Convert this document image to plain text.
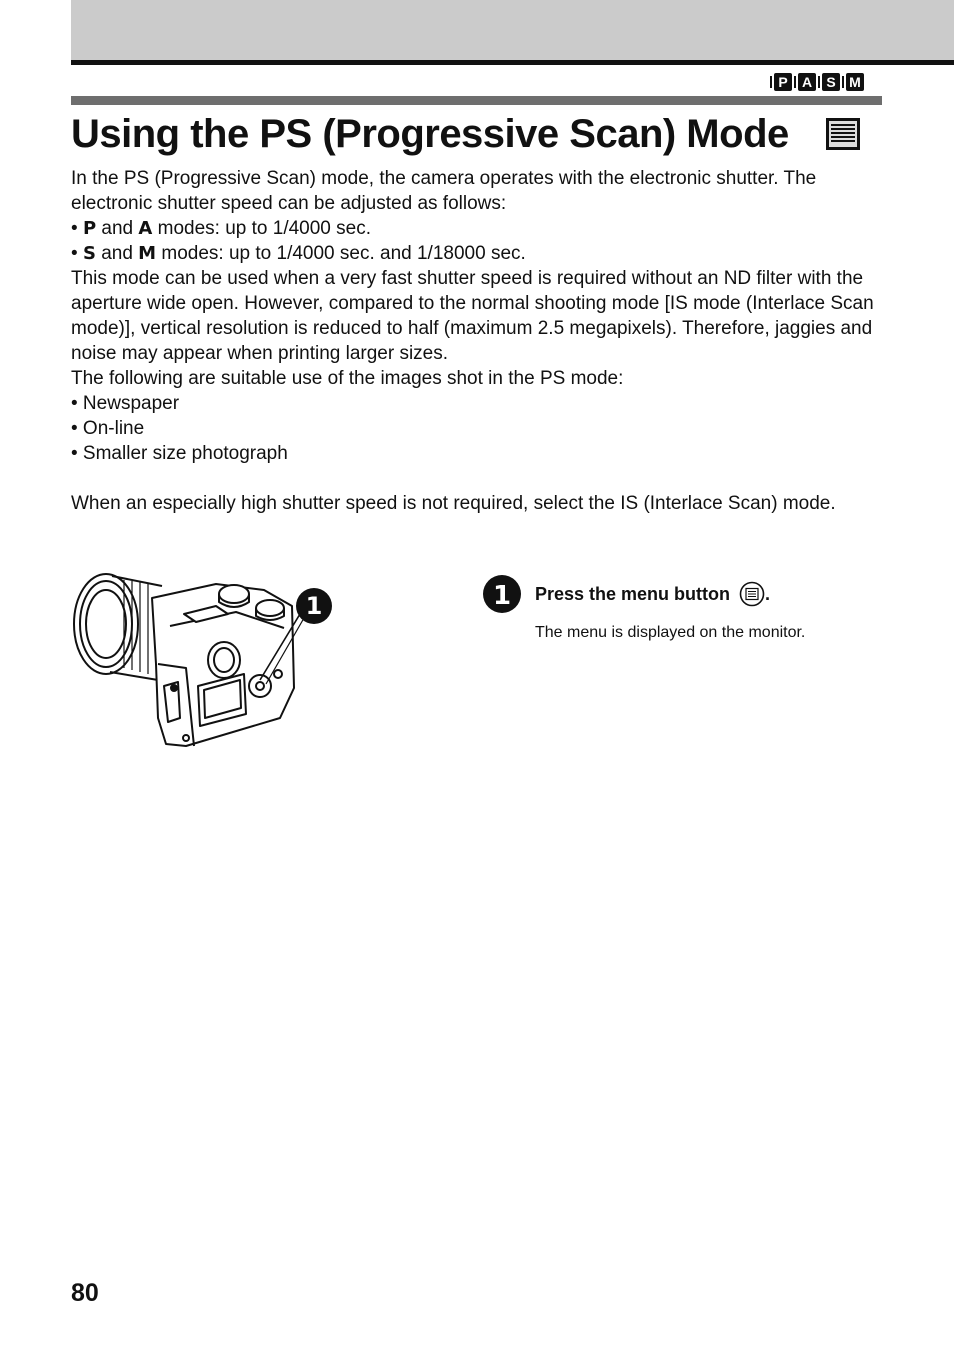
P	A	S M
Using the PS (Progressive Scan) Mode

In the PS (Progressive Scan) mode, the camera operates with the electronic shutter. The electronic shutter speed can be adjusted as follows:

• P and A modes: up to 1/4000 sec.

• S and M modes: up to 1/4000 sec. and 1/18000 sec.

This mode can be used when a very fast shutter speed is required without an ND filter with the aperture wide open. However, compared to the normal shooting mode [IS mode (Interlace Scan mode)], vertical resolution is reduced to half (maximum 2.5 megapixels). Therefore, jaggies and noise may appear when printing larger sizes.

The following are suitable use of the images shot in the PS mode:

• Newspaper

• On-line

• Smaller size photograph

When an especially high shutter speed is not required, select the IS (Interlace Scan) mode.

1	1 Press the menu button .
The menu is displayed on the monitor.
80
